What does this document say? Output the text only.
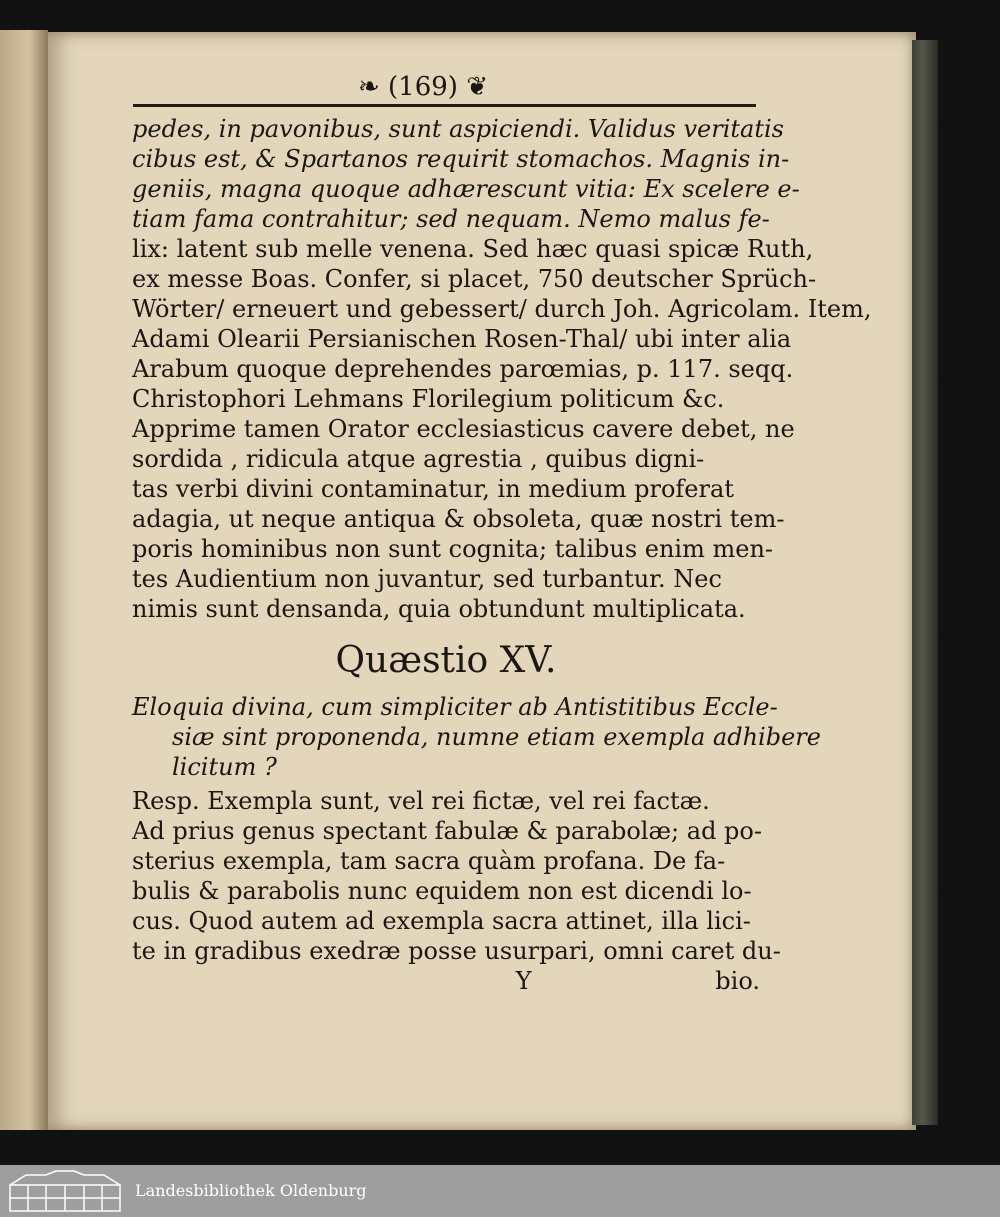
❧ (169) ❦
pedes, in pavonibus, sunt aspiciendi. Validus veritatis
cibus est, & Spartanos requirit stomachos. Magnis in-
geniis, magna quoque adhærescunt vitia: Ex scelere e-
tiam fama contrahitur; sed nequam. Nemo malus fe-
lix: latent sub melle venena. Sed hæc quasi spicæ Ruth,
ex messe Boas. Confer, si placet, 750 deutscher Sprüch-
Wörter/ erneuert und gebessert/ durch Joh. Agricolam. Item,
Adami Olearii Persianischen Rosen-Thal/ ubi inter alia
Arabum quoque deprehendes parœmias, p. 117. seqq.
Christophori Lehmans Florilegium politicum &c.
Apprime tamen Orator ecclesiasticus cavere debet, ne
sordida , ridicula atque agrestia , quibus digni-
tas verbi divini contaminatur, in medium proferat
adagia, ut neque antiqua & obsoleta, quæ nostri tem-
poris hominibus non sunt cognita; talibus enim men-
tes Audientium non juvantur, sed turbantur. Nec
nimis sunt densanda, quia obtundunt multiplicata.
Quæstio XV.
Eloquia divina, cum simpliciter ab Antistitibus Eccle-
siæ sint proponenda, numne etiam exempla adhibere
licitum ?
Resp. Exempla sunt, vel rei fictæ, vel rei factæ.
Ad prius genus spectant fabulæ & parabolæ; ad po-
sterius exempla, tam sacra quàm profana. De fa-
bulis & parabolis nunc equidem non est dicendi lo-
cus. Quod autem ad exempla sacra attinet, illa lici-
te in gradibus exedræ posse usurpari, omni caret du-
Y	bio.
Landesbibliothek Oldenburg
